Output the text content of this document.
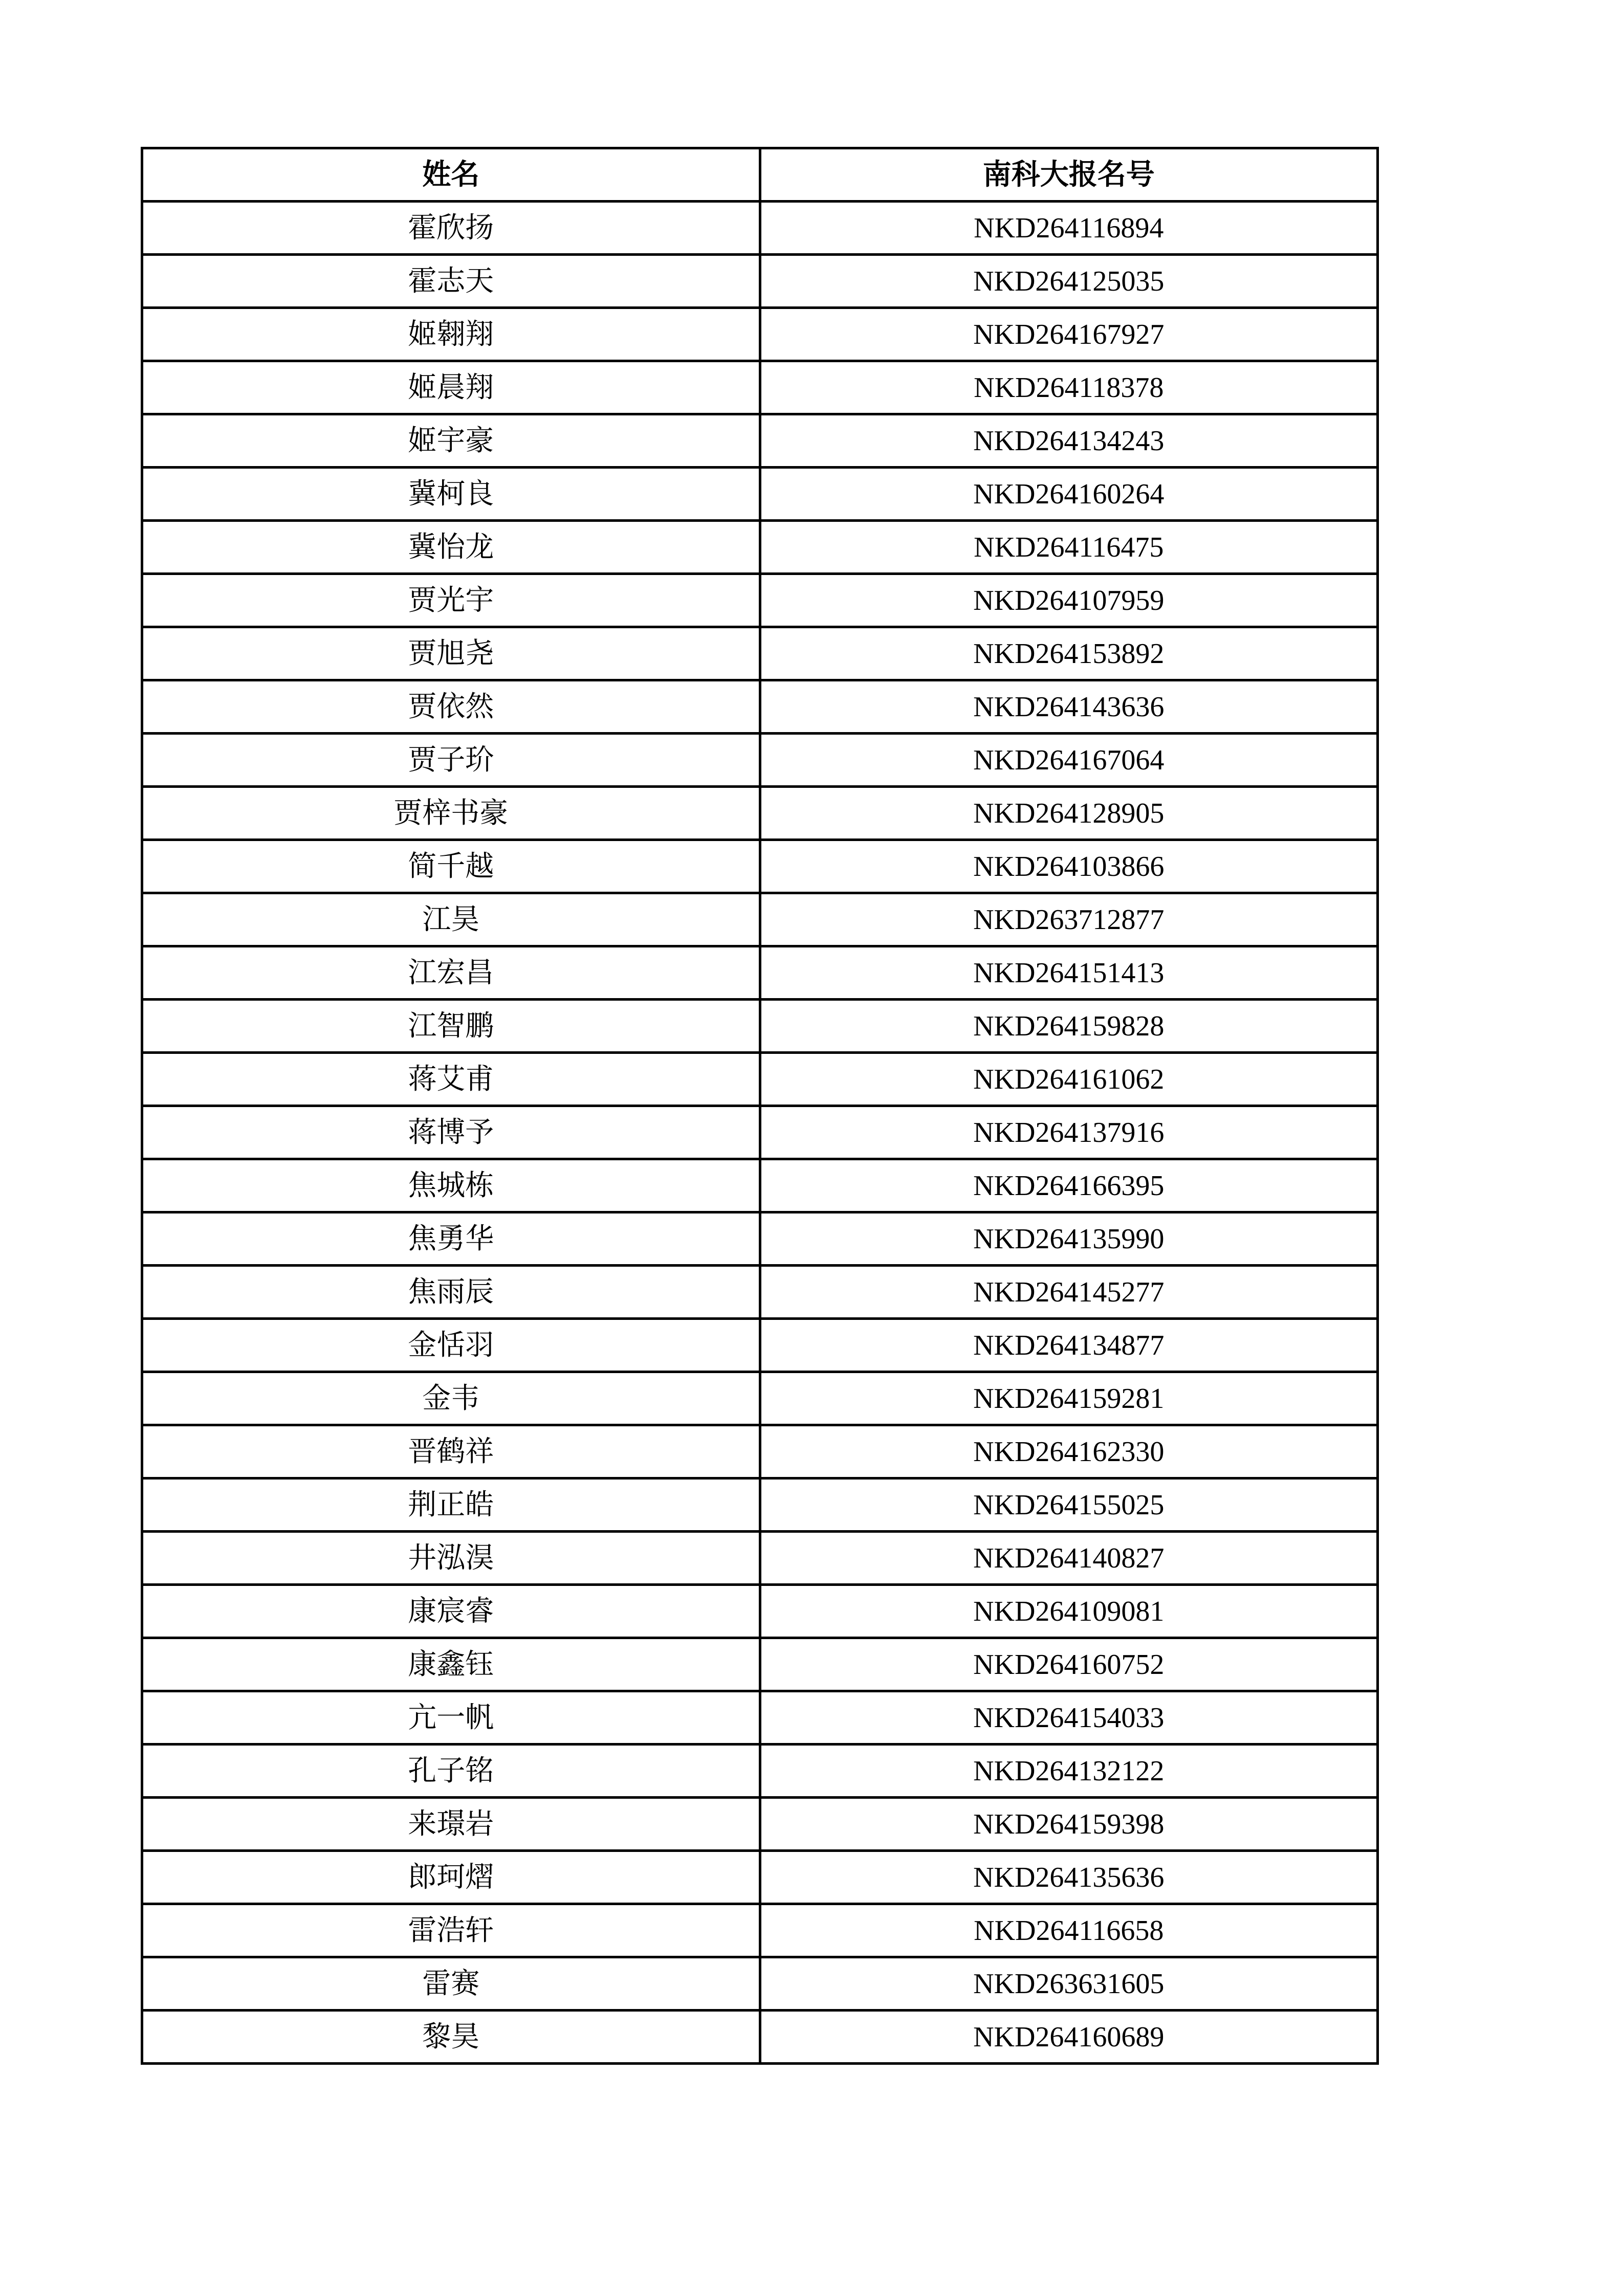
姓名	南科大报名号
霍欣扬	NKD264116894
霍志天	NKD264125035
姬翱翔	NKD264167927
姬晨翔	NKD264118378
姬宇豪	NKD264134243
冀柯良	NKD264160264
冀怡龙	NKD264116475
贾光宇	NKD264107959
贾旭尧	NKD264153892
贾依然	NKD264143636
贾子玠	NKD264167064
贾梓书豪	NKD264128905
简千越	NKD264103866
江昊	NKD263712877
江宏昌	NKD264151413
江智鹏	NKD264159828
蒋艾甫	NKD264161062
蒋博予	NKD264137916
焦城栋	NKD264166395
焦勇华	NKD264135990
焦雨辰	NKD264145277
金恬羽	NKD264134877
金韦	NKD264159281
晋鹤祥	NKD264162330
荆正皓	NKD264155025
井泓淏	NKD264140827
康宸睿	NKD264109081
康鑫钰	NKD264160752
亢一帆	NKD264154033
孔子铭	NKD264132122
来璟岩	NKD264159398
郎珂熠	NKD264135636
雷浩轩	NKD264116658
雷赛	NKD263631605
黎昊	NKD264160689
